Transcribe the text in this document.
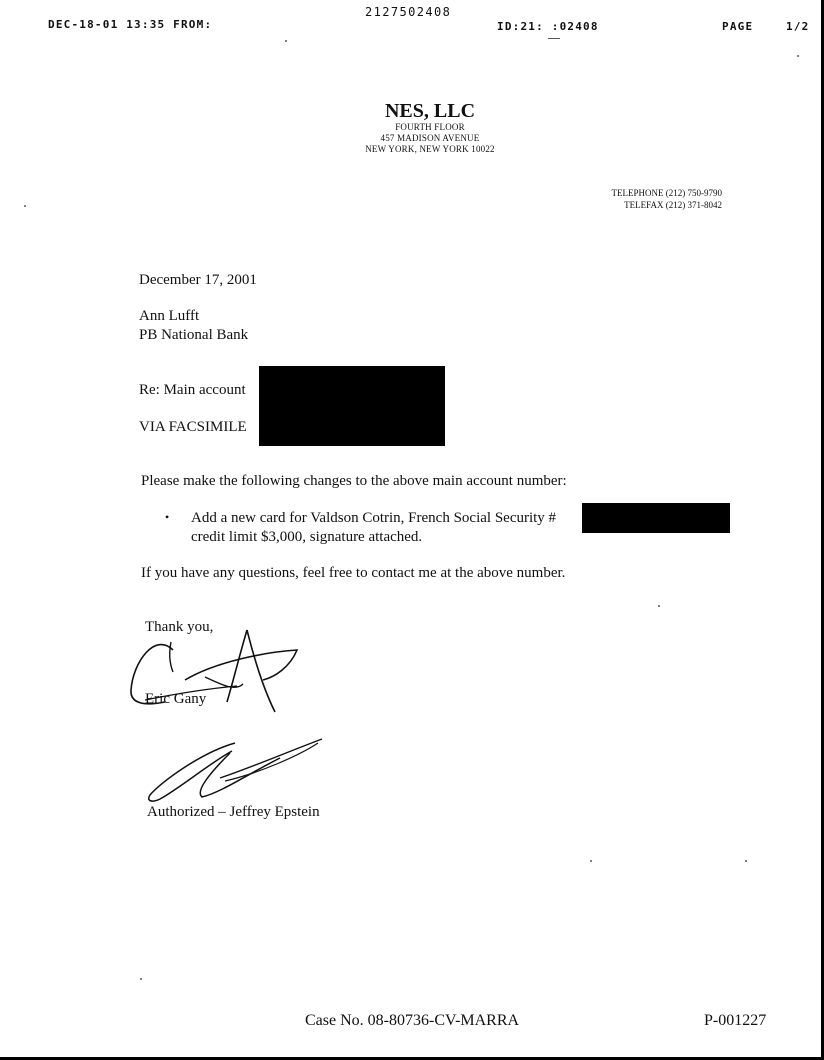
DEC-18-01 13:35 FROM:
2127502408
ID:21: :02408	PAGE	1/2
NES, LLC
FOURTH FLOOR
457 MADISON AVENUE
NEW YORK, NEW YORK 10022
TELEPHONE (212) 750-9790
TELEFAX (212) 371-8042
December 17, 2001
Ann Lufft
PB National Bank
Re: Main account
VIA FACSIMILE
Please make the following changes to the above main account number:
• Add a new card for Valdson Cotrin, French Social Security #
credit limit $3,000, signature attached.
If you have any questions, feel free to contact me at the above number.
Thank you,
Eric Gany
Authorized – Jeffrey Epstein
Case No. 08-80736-CV-MARRA	P-001227
